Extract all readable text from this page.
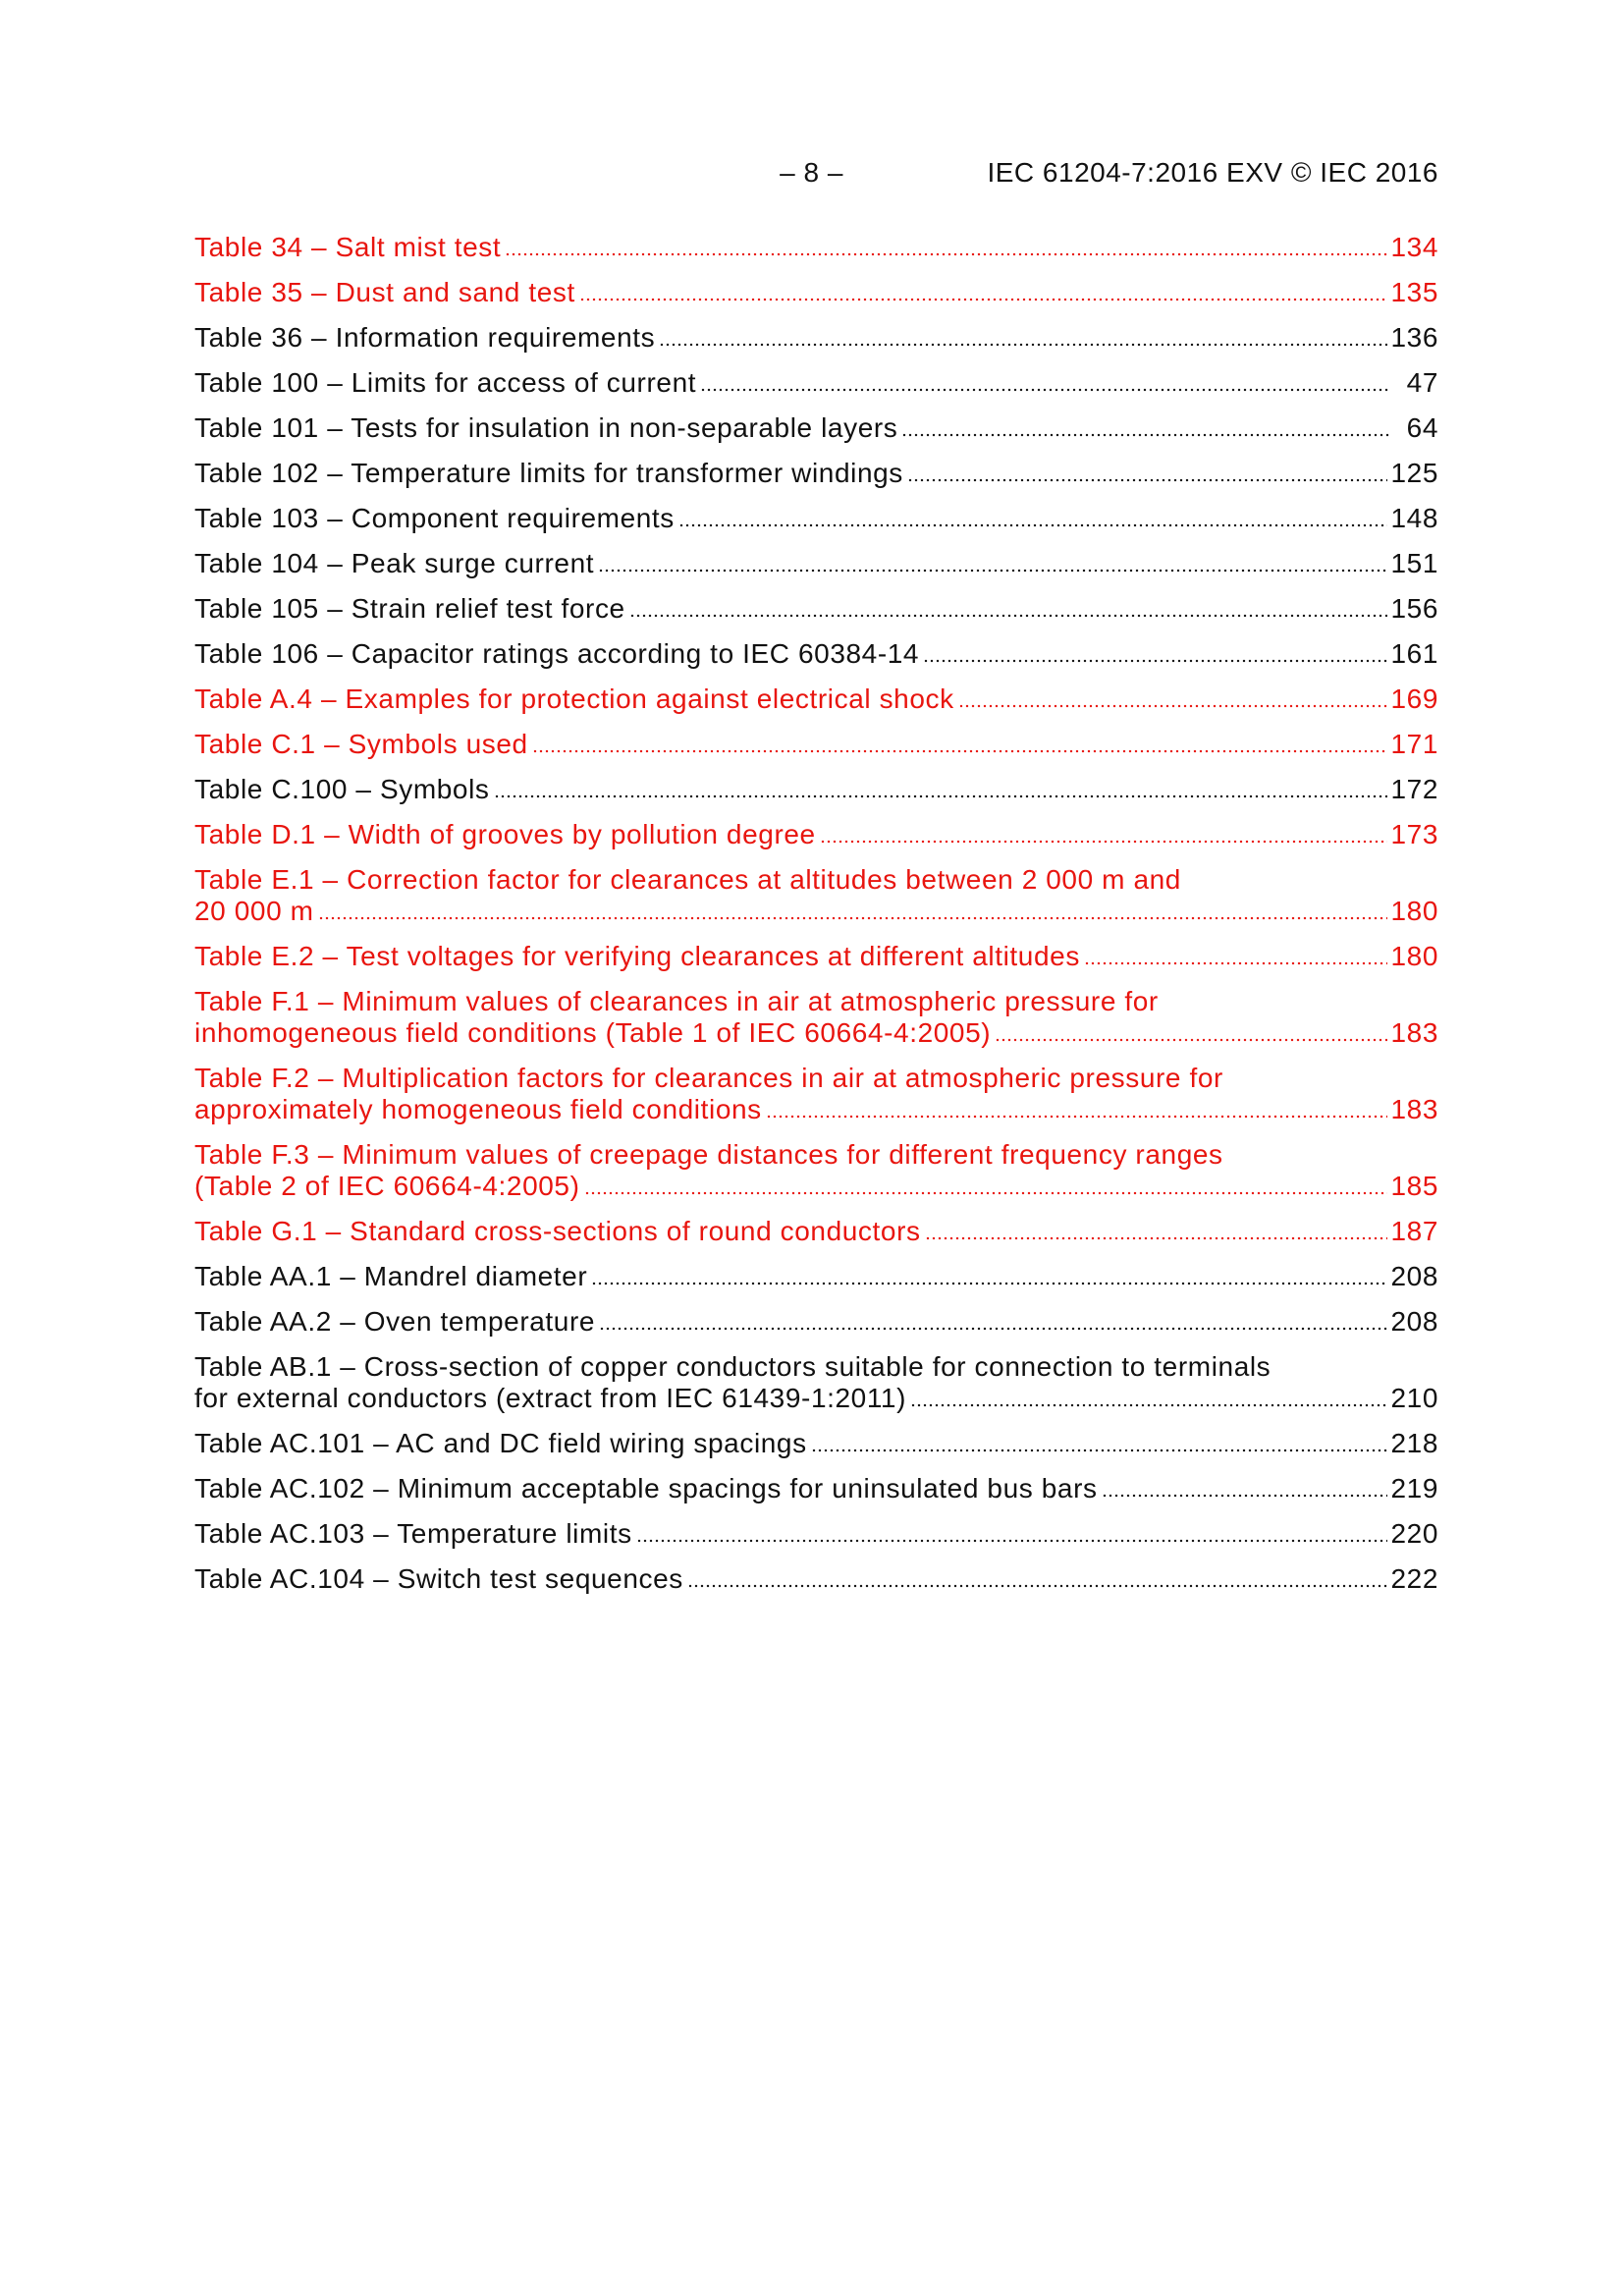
– 8 –	IEC 61204-7:2016 EXV © IEC 2016
Table 34 – Salt mist test	134
Table 35 – Dust and sand test	135
Table 36 – Information requirements	136
Table 100 – Limits for access of current	47
Table 101 – Tests for insulation in non-separable layers	64
Table 102 – Temperature limits for transformer windings	125
Table 103 – Component requirements	148
Table 104 – Peak surge current	151
Table 105 – Strain relief test force	156
Table 106 – Capacitor ratings according to IEC 60384-14	161
Table A.4 – Examples for protection against electrical shock	169
Table C.1 – Symbols used	171
Table C.100 – Symbols	172
Table D.1 – Width of grooves by pollution degree	173
Table E.1 – Correction factor for clearances at altitudes between 2 000 m and
20 000 m	180
Table E.2 – Test voltages for verifying clearances at different altitudes	180
Table F.1 – Minimum values of clearances in air at atmospheric pressure for
inhomogeneous field conditions (Table 1 of IEC 60664-4:2005)	183
Table F.2 – Multiplication factors for clearances in air at atmospheric pressure for
approximately homogeneous field conditions	183
Table F.3 – Minimum values of creepage distances for different frequency ranges
(Table 2 of IEC 60664-4:2005)	185
Table G.1 – Standard cross-sections of round conductors	187
Table AA.1 – Mandrel diameter	208
Table AA.2 – Oven temperature	208
Table AB.1 – Cross-section of copper conductors suitable for connection to terminals
for external conductors (extract from IEC 61439-1:2011)	210
Table AC.101 – AC and DC field wiring spacings	218
Table AC.102 – Minimum acceptable spacings for uninsulated bus bars	219
Table AC.103 – Temperature limits	220
Table AC.104 – Switch test sequences	222
